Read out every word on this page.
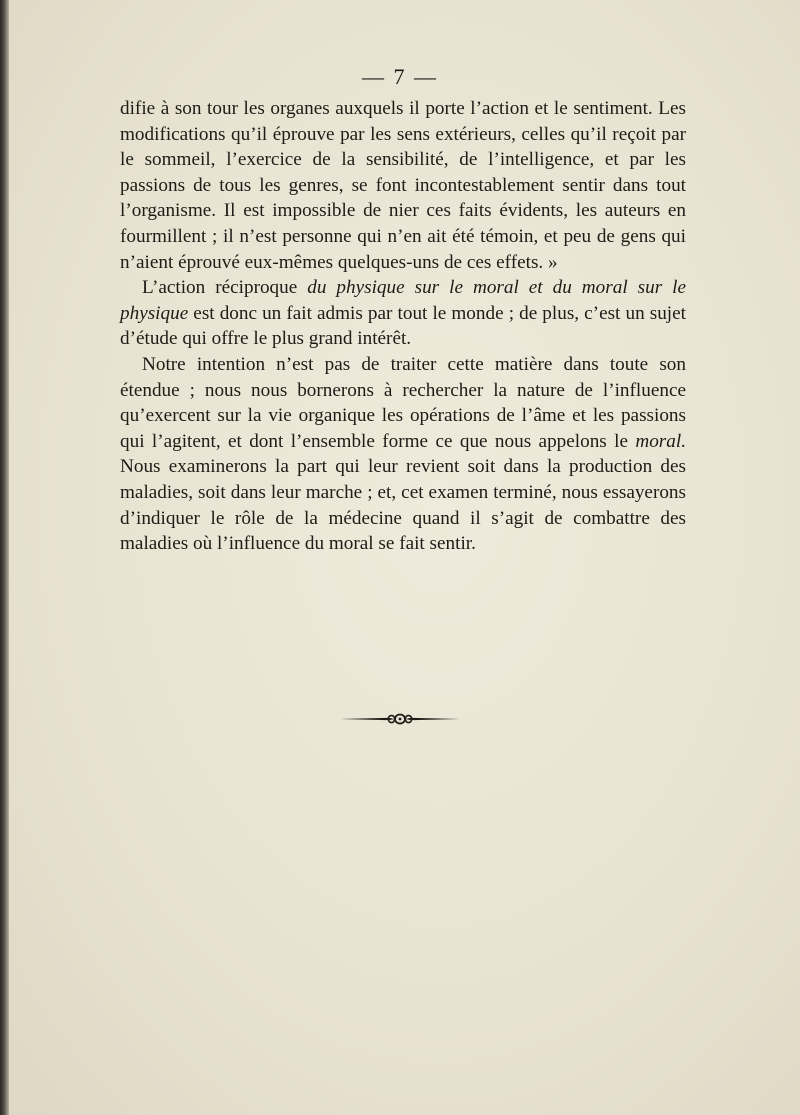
— 7 —

difie à son tour les organes auxquels il porte l’action et le sentiment. Les modifications qu’il éprouve par les sens extérieurs, celles qu’il reçoit par le sommeil, l’exercice de la sensibilité, de l’intelligence, et par les passions de tous les genres, se font incontestablement sentir dans tout l’organisme. Il est impossible de nier ces faits évidents, les auteurs en fourmillent ; il n’est personne qui n’en ait été témoin, et peu de gens qui n’aient éprouvé eux-mêmes quelques-uns de ces effets. »

L’action réciproque du physique sur le moral et du moral sur le physique est donc un fait admis par tout le monde ; de plus, c’est un sujet d’étude qui offre le plus grand intérêt.

Notre intention n’est pas de traiter cette matière dans toute son étendue ; nous nous bornerons à rechercher la nature de l’influence qu’exercent sur la vie organique les opérations de l’âme et les passions qui l’agitent, et dont l’ensemble forme ce que nous appelons le moral. Nous examinerons la part qui leur revient soit dans la production des maladies, soit dans leur marche ; et, cet examen terminé, nous essayerons d’indiquer le rôle de la médecine quand il s’agit de combattre des maladies où l’influence du moral se fait sentir.
